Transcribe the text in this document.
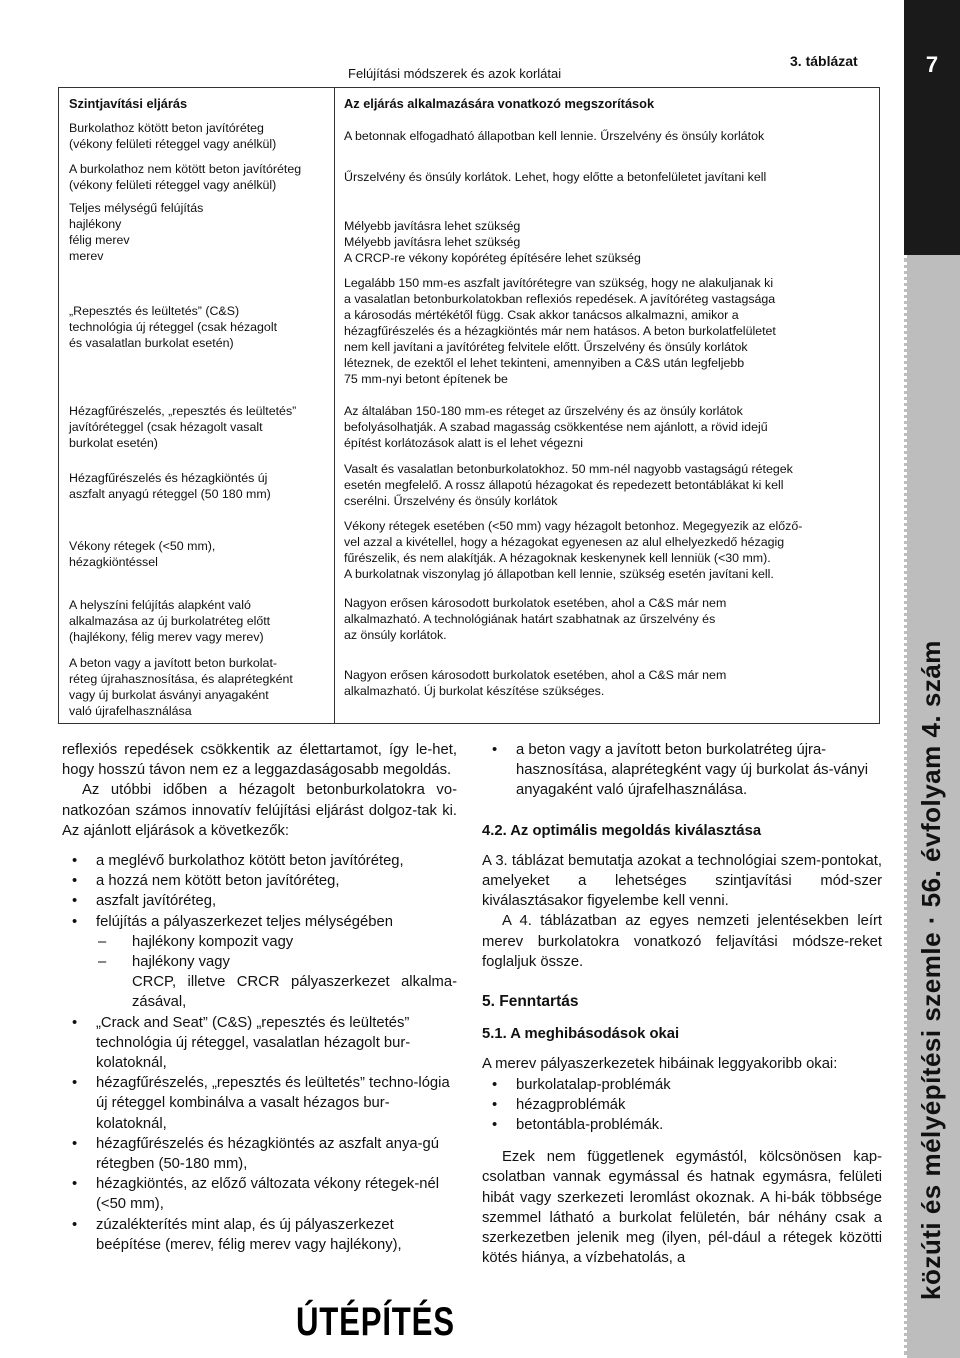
Felújítási módszerek és azok korlátai
3. táblázat	7
Szintjavítási eljárás
Burkolathoz kötött beton javítóréteg
(vékony felületi réteggel vagy anélkül)
A burkolathoz nem kötött beton javítóréteg
(vékony felületi réteggel vagy anélkül)
Teljes mélységű felújítás
hajlékony
félig merev
merev
„Repesztés és leültetés” (C&S)
technológia új réteggel (csak hézagolt
és vasalatlan burkolat esetén)
Hézagfűrészelés, „repesztés és leültetés”
javítóréteggel (csak hézagolt vasalt
burkolat esetén)
Hézagfűrészelés és hézagkiöntés új
aszfalt anyagú réteggel (50 180 mm)
Vékony rétegek (<50 mm),
hézagkiöntéssel
A helyszíni felújítás alapként való
alkalmazása az új burkolatréteg előtt
(hajlékony, félig merev vagy merev)
A beton vagy a javított beton burkolat-
réteg újrahasznosítása, és alaprétegként
vagy új burkolat ásványi anyagaként
való újrafelhasználása
Az eljárás alkalmazására vonatkozó megszorítások
A betonnak elfogadható állapotban kell lennie. Űrszelvény és önsúly korlátok
Űrszelvény és önsúly korlátok. Lehet, hogy előtte a betonfelületet javítani kell
Mélyebb javításra lehet szükség
Mélyebb javításra lehet szükség
A CRCP-re vékony kopóréteg építésére lehet szükség
Legalább 150 mm-es aszfalt javítórétegre van szükség, hogy ne alakuljanak ki
a vasalatlan betonburkolatokban reflexiós repedések. A javítóréteg vastagsága
a károsodás mértékétől függ. Csak akkor tanácsos alkalmazni, amikor a
hézagfűrészelés és a hézagkiöntés már nem hatásos. A beton burkolatfelületet
nem kell javítani a javítóréteg felvitele előtt. Űrszelvény és önsúly korlátok
léteznek, de ezektől el lehet tekinteni, amennyiben a C&S után legfeljebb
75 mm-nyi betont építenek be
Az általában 150-180 mm-es réteget az űrszelvény és az önsúly korlátok
befolyásolhatják. A szabad magasság csökkentése nem ajánlott, a rövid idejű
építést korlátozások alatt is el lehet végezni
Vasalt és vasalatlan betonburkolatokhoz. 50 mm-nél nagyobb vastagságú rétegek
esetén megfelelő. A rossz állapotú hézagokat és repedezett betontáblákat ki kell
cserélni. Űrszelvény és önsúly korlátok
Vékony rétegek esetében (<50 mm) vagy hézagolt betonhoz. Megegyezik az előző-
vel azzal a kivétellel, hogy a hézagokat egyenesen az alul elhelyezkedő hézagig
fűrészelik, és nem alakítják. A hézagoknak keskenynek kell lenniük (<30 mm).
A burkolatnak viszonylag jó állapotban kell lennie, szükség esetén javítani kell.
Nagyon erősen károsodott burkolatok esetében, ahol a C&S már nem
alkalmazható. A technológiának határt szabhatnak az űrszelvény és
az önsúly korlátok.
Nagyon erősen károsodott burkolatok esetében, ahol a C&S már nem
alkalmazható. Új burkolat készítése szükséges.

reflexiós repedések csökkentik az élettartamot, így le-het, hogy hosszú távon nem ez a leggazdaságosabb megoldás.

Az utóbbi időben a hézagolt betonburkolatokra vo-natkozóan számos innovatív felújítási eljárást dolgoz-tak ki. Az ajánlott eljárások a következők:

• a meglévő burkolathoz kötött beton javítóréteg,
• a hozzá nem kötött beton javítóréteg,
• aszfalt javítóréteg,
• felújítás a pályaszerkezet teljes mélységében
– hajlékony kompozit vagy
– hajlékony vagy

CRCP, illetve CRCR pályaszerkezet alkalma-zásával,

• „Crack and Seat” (C&S) „repesztés és leültetés” technológia új réteggel, vasalatlan hézagolt bur-kolatoknál,
• hézagfűrészelés, „repesztés és leültetés” techno-lógia új réteggel kombinálva a vasalt hézagos bur-kolatoknál,
• hézagfűrészelés és hézagkiöntés az aszfalt anya-gú rétegben (50-180 mm),
• hézagkiöntés, az előző változata vékony rétegek-nél (<50 mm),
• zúzalékterítés mint alap, és új pályaszerkezet beépítése (merev, félig merev vagy hajlékony),
• a beton vagy a javított beton burkolatréteg újra-hasznosítása, alaprétegként vagy új burkolat ás-ványi anyagaként való újrafelhasználása.

4.2. Az optimális megoldás kiválasztása

A 3. táblázat bemutatja azokat a technológiai szem-pontokat, amelyeket a lehetséges szintjavítási mód-szer kiválasztásakor figyelembe kell venni.

A 4. táblázatban az egyes nemzeti jelentésekben leírt merev burkolatokra vonatkozó feljavítási módsze-reket foglaljuk össze.

5. Fenntartás

5.1. A meghibásodások okai

A merev pályaszerkezetek hibáinak leggyakoribb okai:

• burkolatalap-problémák
• hézagproblémák
• betontábla-problémák.

Ezek nem függetlenek egymástól, kölcsönösen kap-csolatban vannak egymással és hatnak egymásra, felületi hibát vagy szerkezeti leromlást okoznak. A hi-bák többsége szemmel látható a burkolat felületén, bár néhány csak a szerkezetben jelenik meg (ilyen, pél-dául a rétegek közötti kötés hiánya, a vízbehatolás, a

ÚTÉPÍTÉS
közúti és mélyépítési szemle · 56. évfolyam 4. szám
